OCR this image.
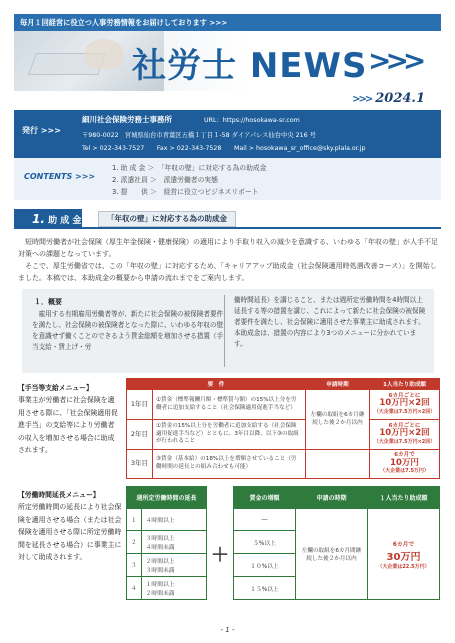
毎月１回経営に役立つ人事労務情報をお届けしております >>>
社労士 NEWS >>>
>>> 2024.1
発行 >>>
細川社会保険労務士事務所	URL：https://hosokawa-sr.com
〒980-0022　宮城県仙台市青葉区五橋１丁目１-58 ダイアパレス仙台中央 216 号
Tel > 022-343-7527　　Fax > 022-343-7528　　Mail > hosokawa_sr_office@sky.plala.or.jp
CONTENTS >>>
1. 助 成 金 ＞　「年収の壁」に対応する為の助成金
2. 派遣社員 ＞　派遣労働者の実態
3. 提　　供 ＞　経営に役立つビジネスリポート
1. 助 成 金	「年収の壁」に対応する為の助成金
　短時間労働者が社会保険（厚生年金保険・健康保険）の適用により手取り収入の減少を意識する、いわゆる「年収の壁」が人手不足対策への課題となっています。
　そこで、厚生労働省では、この「年収の壁」に対応するため、「キャリアアップ助成金（社会保険適用時処遇改善コース）」を開始しました。本稿では、本助成金の概要から申請の流れまでをご案内します。
１．概要
　雇用する有期雇用労働者等が、新たに社会保険の被保険者要件を満たし、社会保険の被保険者となった際に、いわゆる年収の壁を意識せず働くことのできるよう賃金総額を増加させる措置（手当支給・賃上げ・労
働時間延長）を講じること、または週所定労働時間を4時間以上延長する等の措置を講じ、これによって新たに社会保険の被保険者要件を満たし、社会保険に適用させた事業主に助成されます。本助成金は、措置の内容により3つのメニューに分かれています。
【手当等支給メニュー】
事業主が労働者に社会保険を適用させる際に、「社会保険適用促進手当」の支給等により労働者の収入を増加させる場合に助成されます。
要　件		申請時期	1人当たり助成額
1年目	①賃金（標準報酬月額・標準賞与額）の15%以上分を労働者に追加支給すること（社会保険適用促進手当など）	左欄の取組を6カ月継続した後２か月以内	6カ月ごとに
10万円×2回
（大企業は7.5万円×2回）

2年目	①賃金の15%以上分を労働者に追加支給する（社会保険適用促進手当など）とともに、3年目以降、以下③の取組が行われること		6カ月ごとに
10万円×2回
（大企業は7.5万円×2回）

3年目	③賃金（基本給）の18%以上を増額させていること（労働時間の延長との組み合わせも可能）		6カ月で
10万円
（大企業は7.5万円）
【労働時間延長メニュー】
所定労働時間の延長により社会保険を適用させる場合（または社会保険を適用させる際に所定労働時間を延長させる場合）に事業主に対して助成されます。
週所定労働時間の延長			賃金の増額	申請の時期	１人当たり助成額
１	４時間以上	＋	―	左欄の取組を6カ月間継続した後２か月以内	6カ月で
30万円
（大企業は22.5万円）

２	３時間以上
４時間未満		５%以上		
３	２時間以上
３時間未満		１０%以上		
４	１時間以上
２時間未満		１５%以上		
- 1 -
